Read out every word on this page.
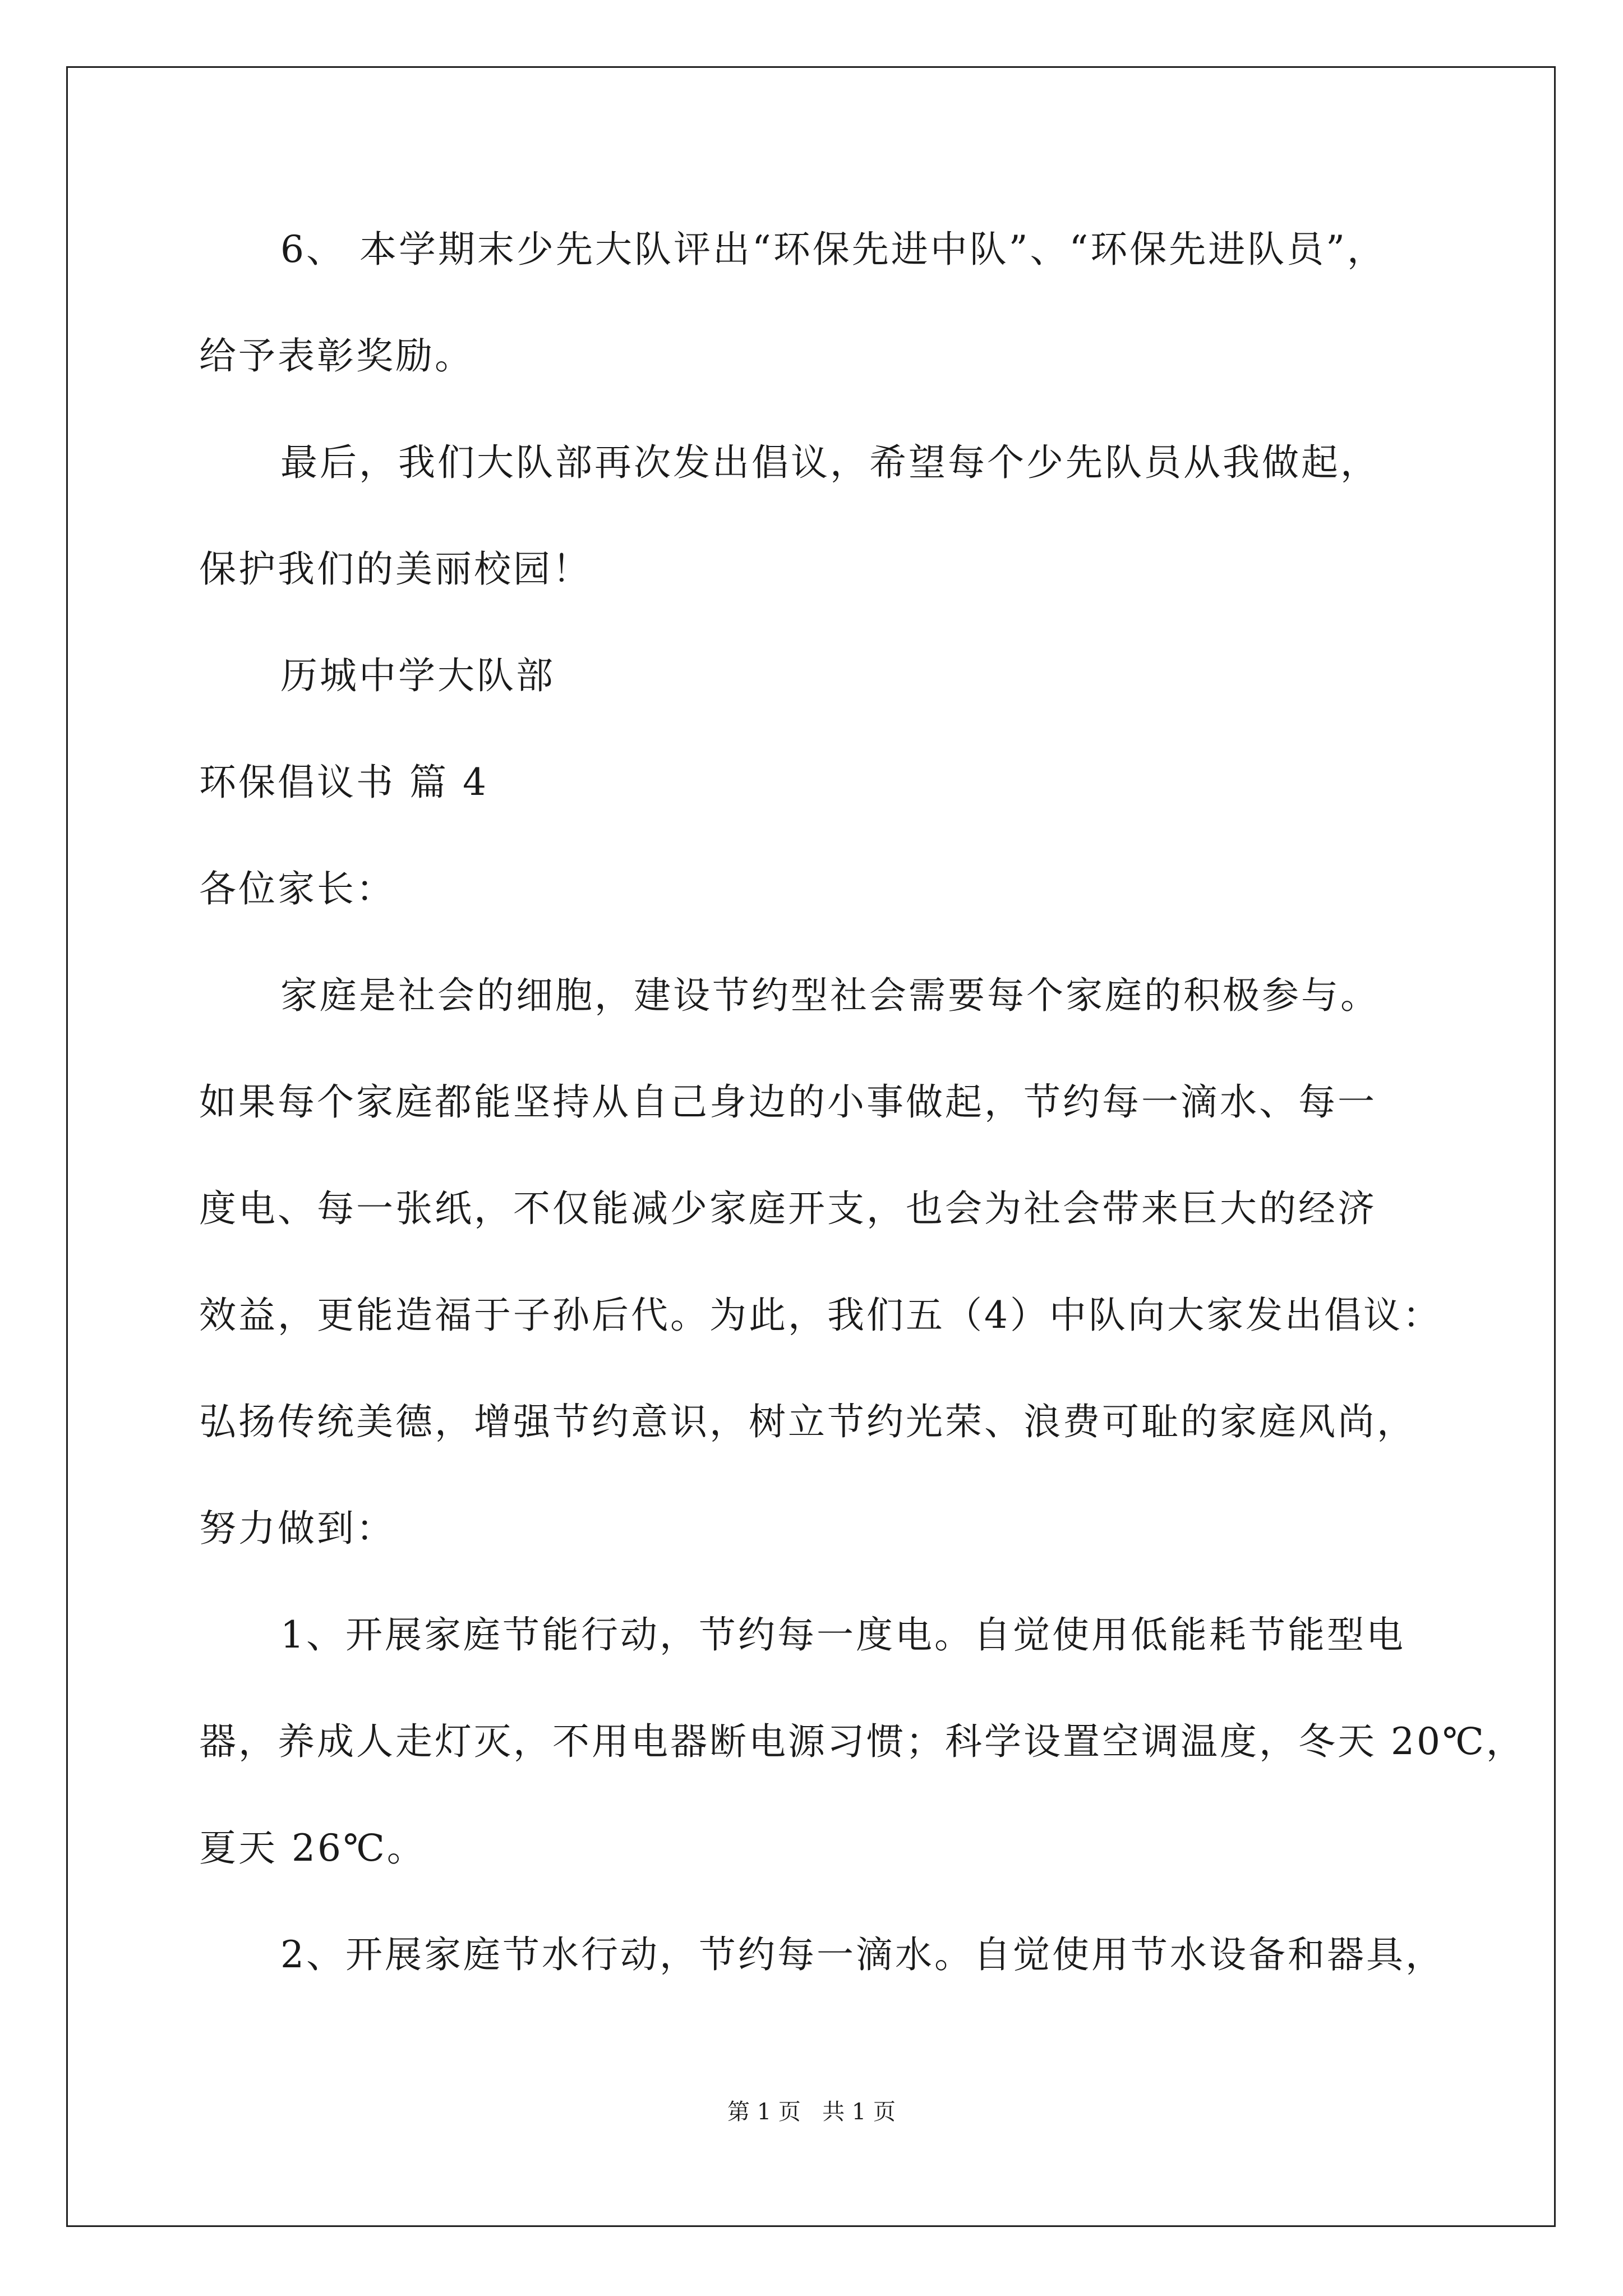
6、 本学期末少先大队评出“环保先进中队”、“环保先进队员”，
给予表彰奖励。
最后，我们大队部再次发出倡议，希望每个少先队员从我做起，
保护我们的美丽校园！
历城中学大队部
环保倡议书 篇 4
各位家长：
家庭是社会的细胞，建设节约型社会需要每个家庭的积极参与。
如果每个家庭都能坚持从自己身边的小事做起，节约每一滴水、每一
度电、每一张纸，不仅能减少家庭开支，也会为社会带来巨大的经济
效益，更能造福于子孙后代。为此，我们五（4）中队向大家发出倡议：
弘扬传统美德，增强节约意识，树立节约光荣、浪费可耻的家庭风尚，
努力做到：
1、开展家庭节能行动，节约每一度电。自觉使用低能耗节能型电
器，养成人走灯灭，不用电器断电源习惯；科学设置空调温度，冬天 20℃，
夏天 26℃。
2、开展家庭节水行动，节约每一滴水。自觉使用节水设备和器具，
第 1 页   共 1 页
